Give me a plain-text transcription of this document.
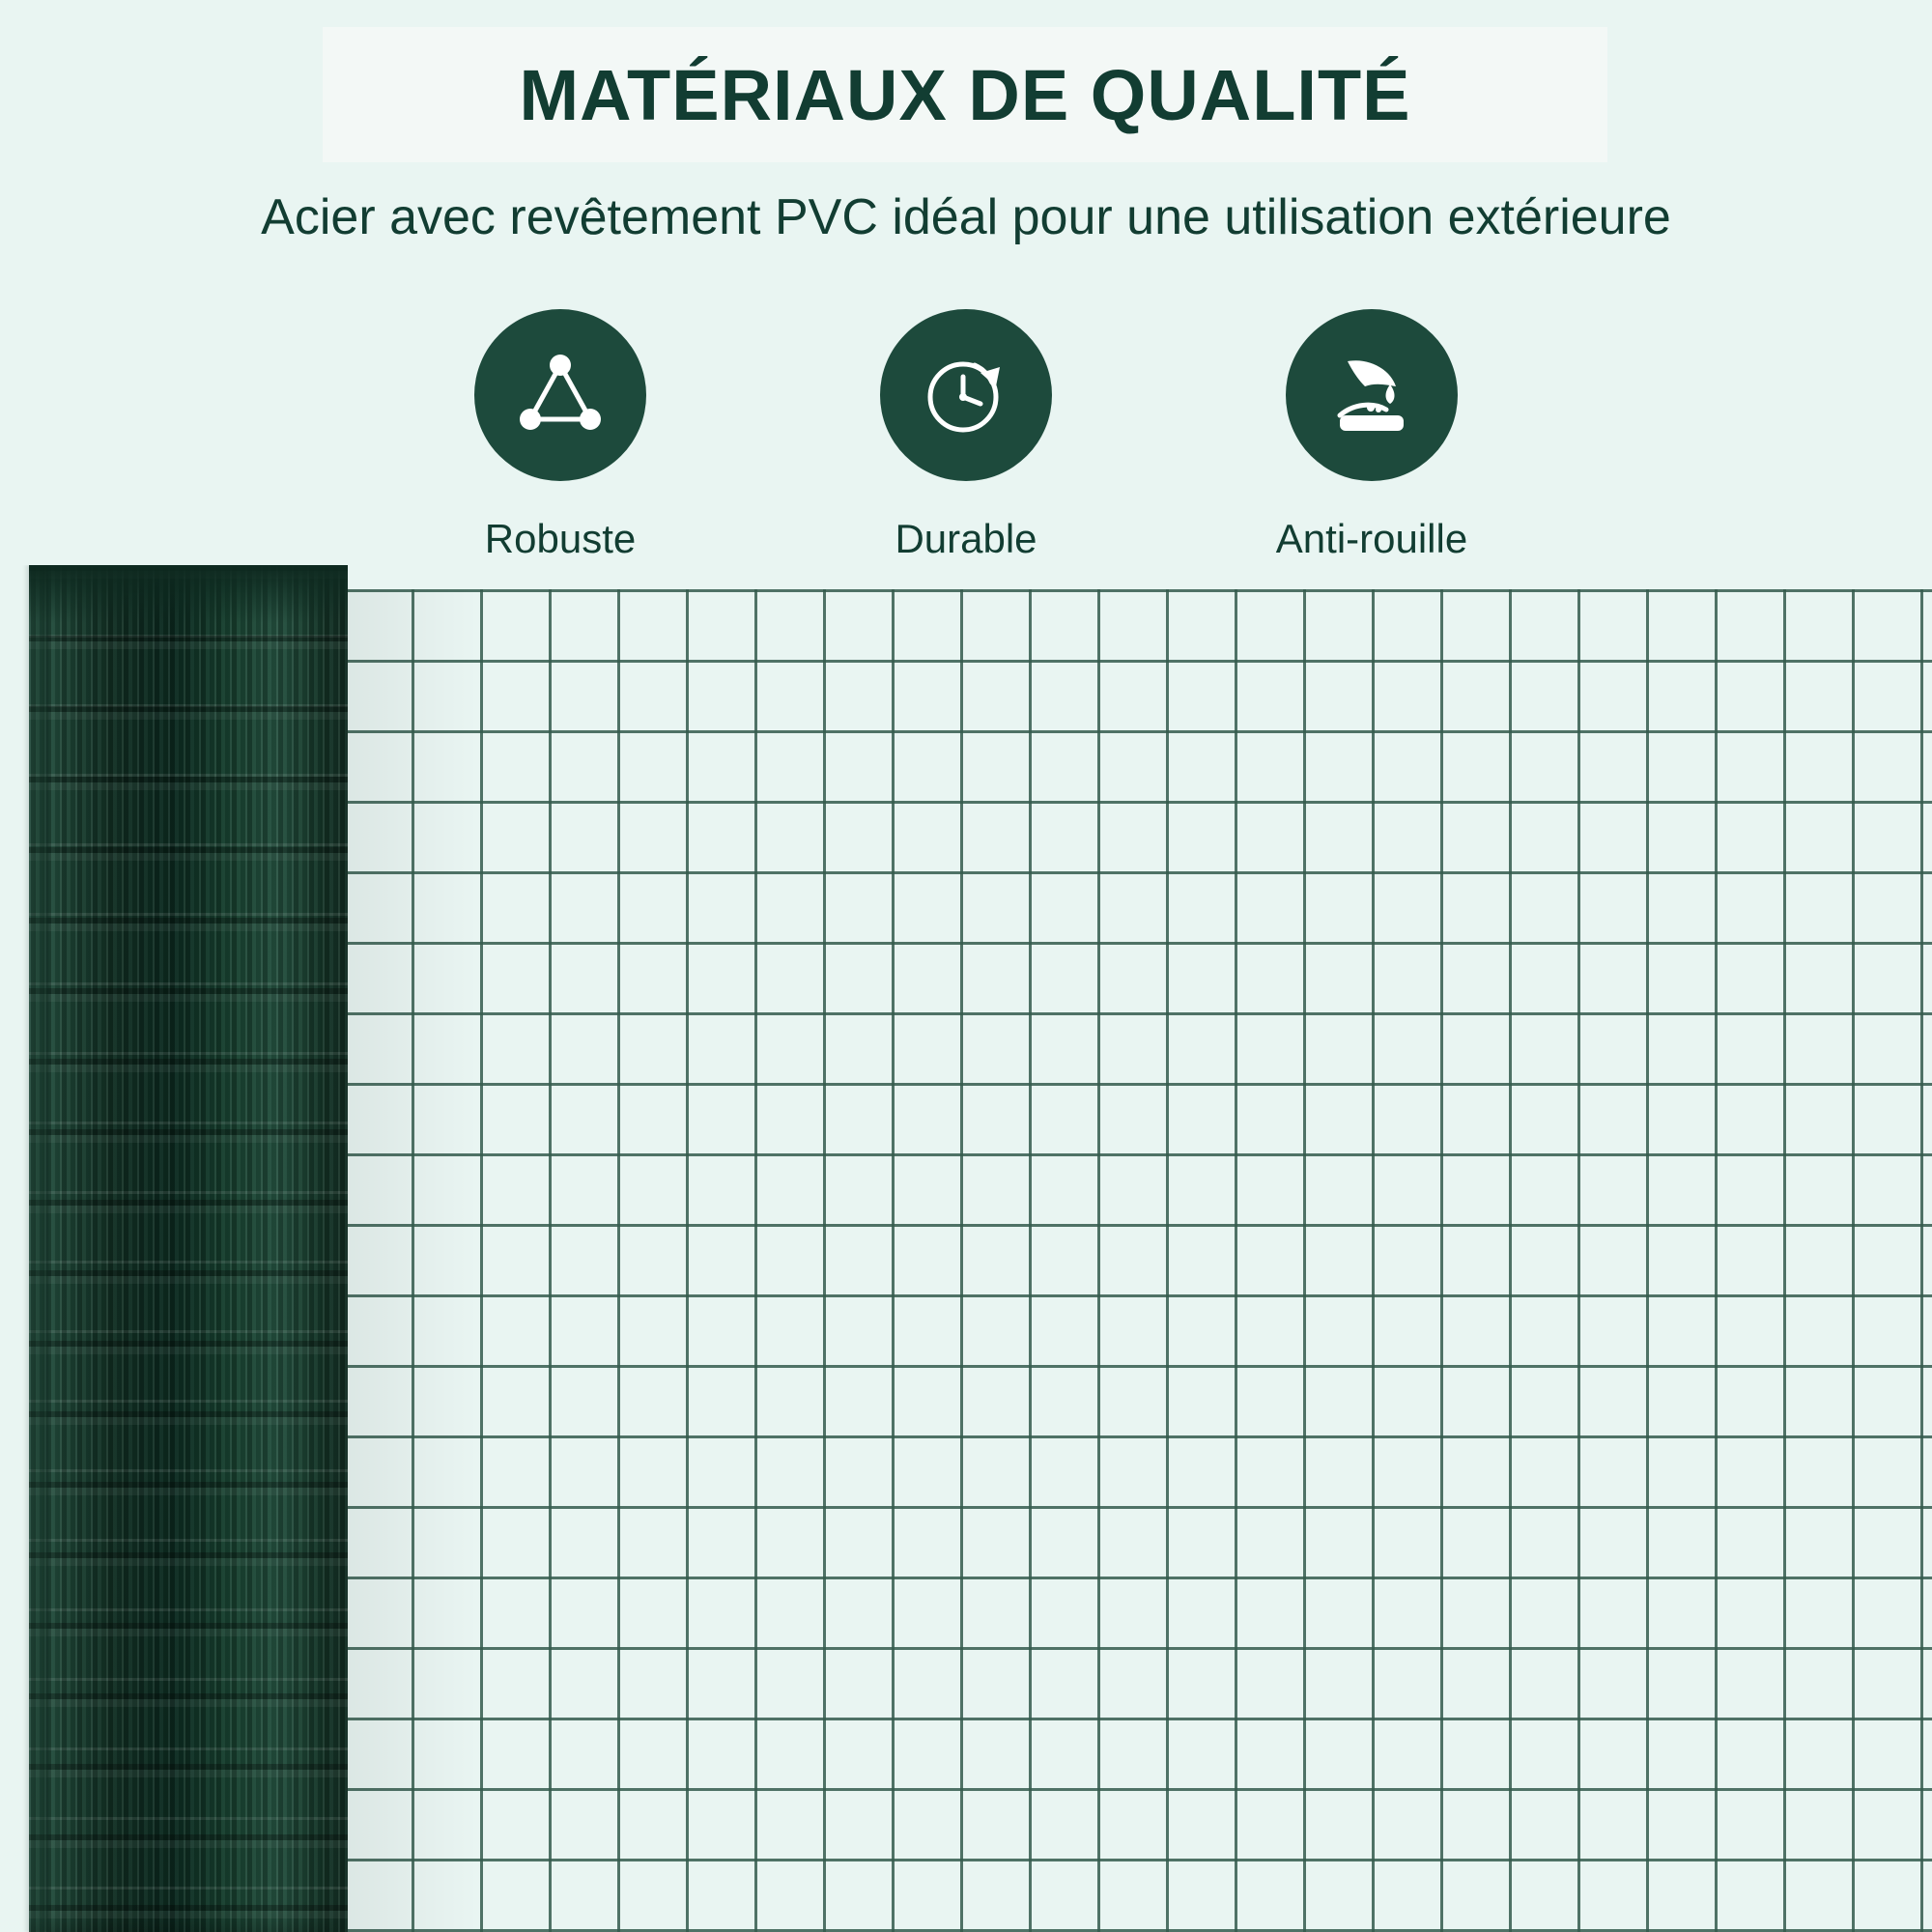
MATÉRIAUX DE QUALITÉ
Acier avec revêtement PVC idéal pour une utilisation extérieure
Robuste	Durable	Anti-rouille
